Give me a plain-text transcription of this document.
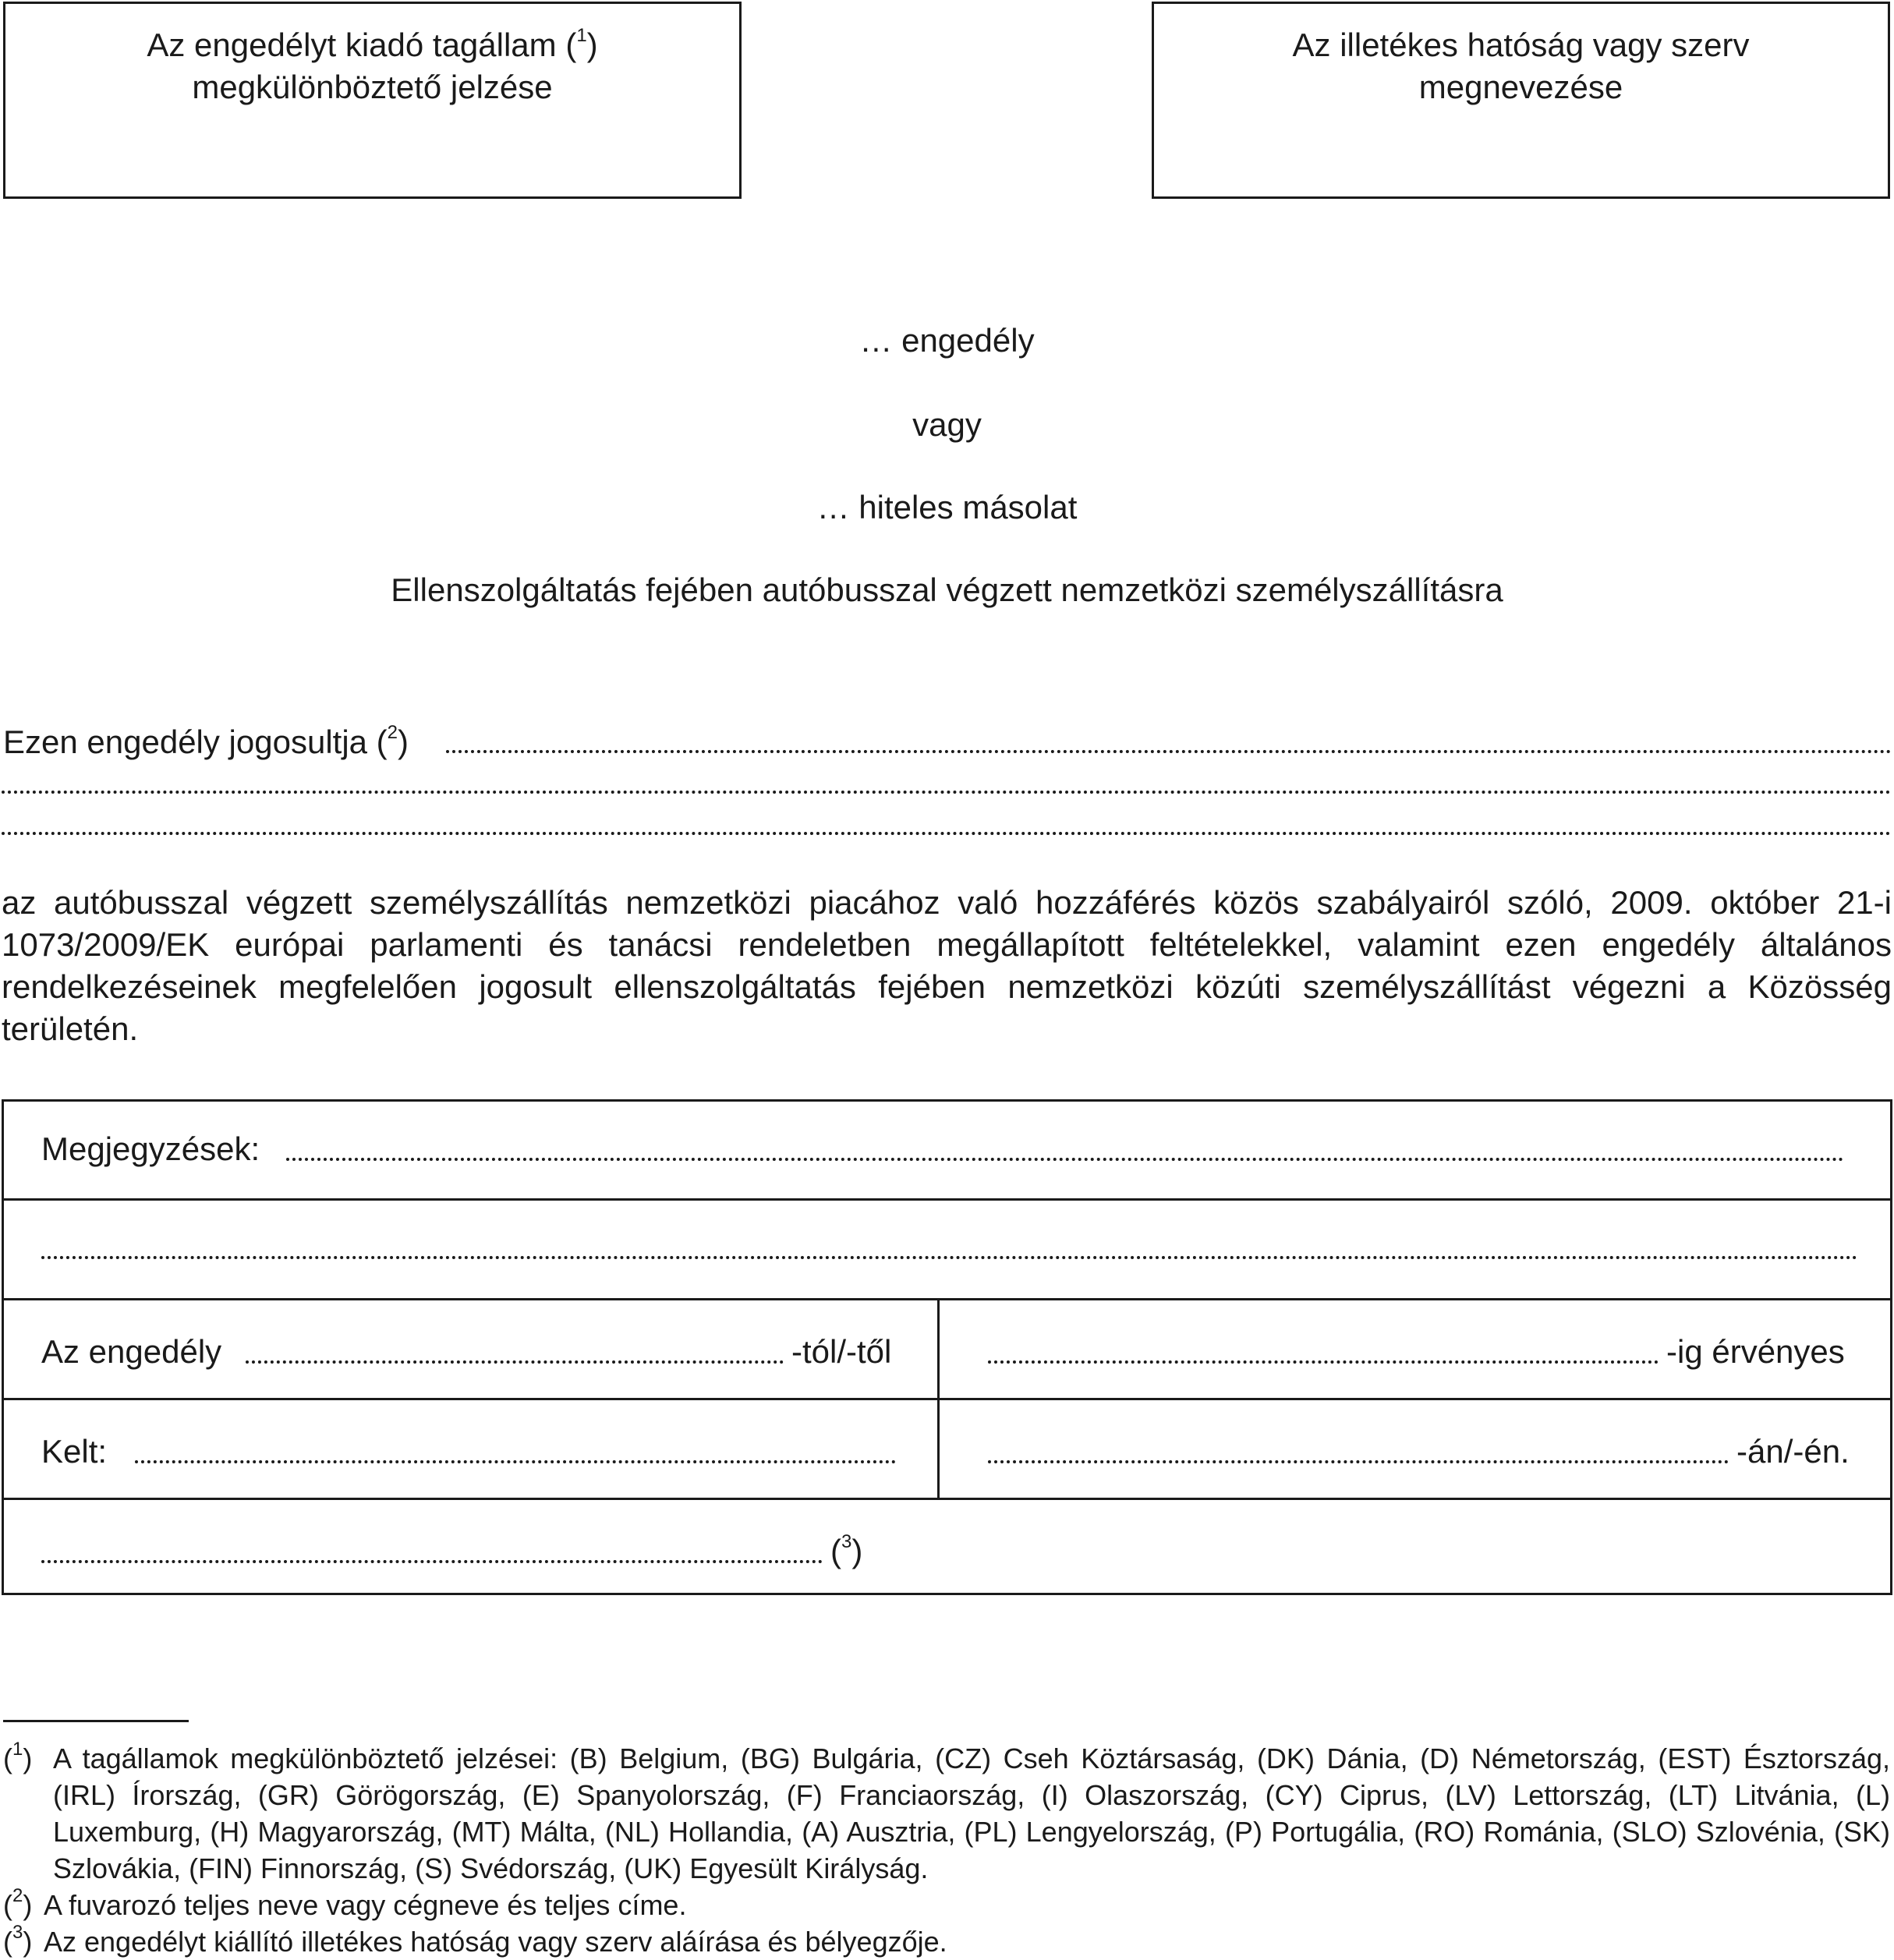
Az engedélyt kiadó tagállam ($^1$)
megkülönböztető jelzése
Az illetékes hatóság vagy szerv
megnevezése
… engedély
vagy
… hiteles másolat
Ellenszolgáltatás fejében autóbusszal végzett nemzetközi személyszállításra
Ezen engedély jogosultja ($^2$)
az autóbusszal végzett személyszállítás nemzetközi piacához való hozzáférés közös szabályairól szóló, 2009. október 21-i 1073/2009/EK európai parlamenti és tanácsi rendeletben megállapított feltételekkel, valamint ezen engedély általános rendelkezéseinek megfelelően jogosult ellenszolgáltatás fejében nemzetközi közúti személyszállítást végezni a Közösség területén.
Megjegyzések:
Az engedély	-tól/-től	-ig érvényes
Kelt:	-án/-én.
($^3$)
($^1$) A tagállamok megkülönböztető jelzései: (B) Belgium, (BG) Bulgária, (CZ) Cseh Köztársaság, (DK) Dánia, (D) Németország, (EST) Észtország, (IRL) Írország, (GR) Görögország, (E) Spanyolország, (F) Franciaország, (I) Olaszország, (CY) Ciprus, (LV) Lettország, (LT) Litvánia, (L) Luxemburg, (H) Magyarország, (MT) Málta, (NL) Hollandia, (A) Ausztria, (PL) Lengyelország, (P) Portugália, (RO) Románia, (SLO) Szlovénia, (SK) Szlovákia, (FIN) Finnország, (S) Svédország, (UK) Egyesült Királyság.
($^2$) A fuvarozó teljes neve vagy cégneve és teljes címe.
($^3$) Az engedélyt kiállító illetékes hatóság vagy szerv aláírása és bélyegzője.
